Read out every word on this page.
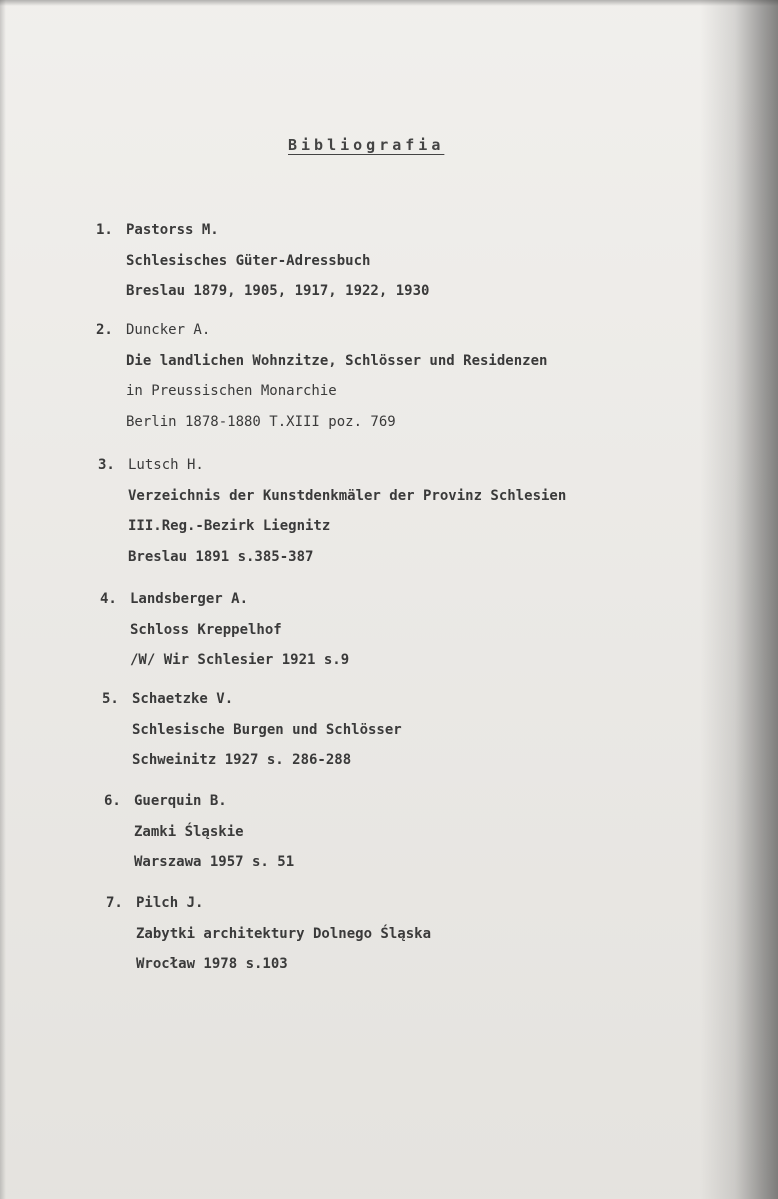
Bibliografia
1. Pastorss M.
Schlesisches Güter-Adressbuch
Breslau 1879, 1905, 1917, 1922, 1930
2. Duncker A.
Die landlichen Wohnzitze, Schlösser und Residenzen
in Preussischen Monarchie
Berlin 1878-1880 T.XIII poz. 769
3. Lutsch H.
Verzeichnis der Kunstdenkmäler der Provinz Schlesien
III.Reg.-Bezirk Liegnitz
Breslau 1891 s.385-387
4. Landsberger A.
Schloss Kreppelhof
/W/ Wir Schlesier 1921 s.9
5. Schaetzke V.
Schlesische Burgen und Schlösser
Schweinitz 1927 s. 286-288
6. Guerquin B.
Zamki Śląskie
Warszawa 1957 s. 51
7. Pilch J.
Zabytki architektury Dolnego Śląska
Wrocław 1978 s.103
